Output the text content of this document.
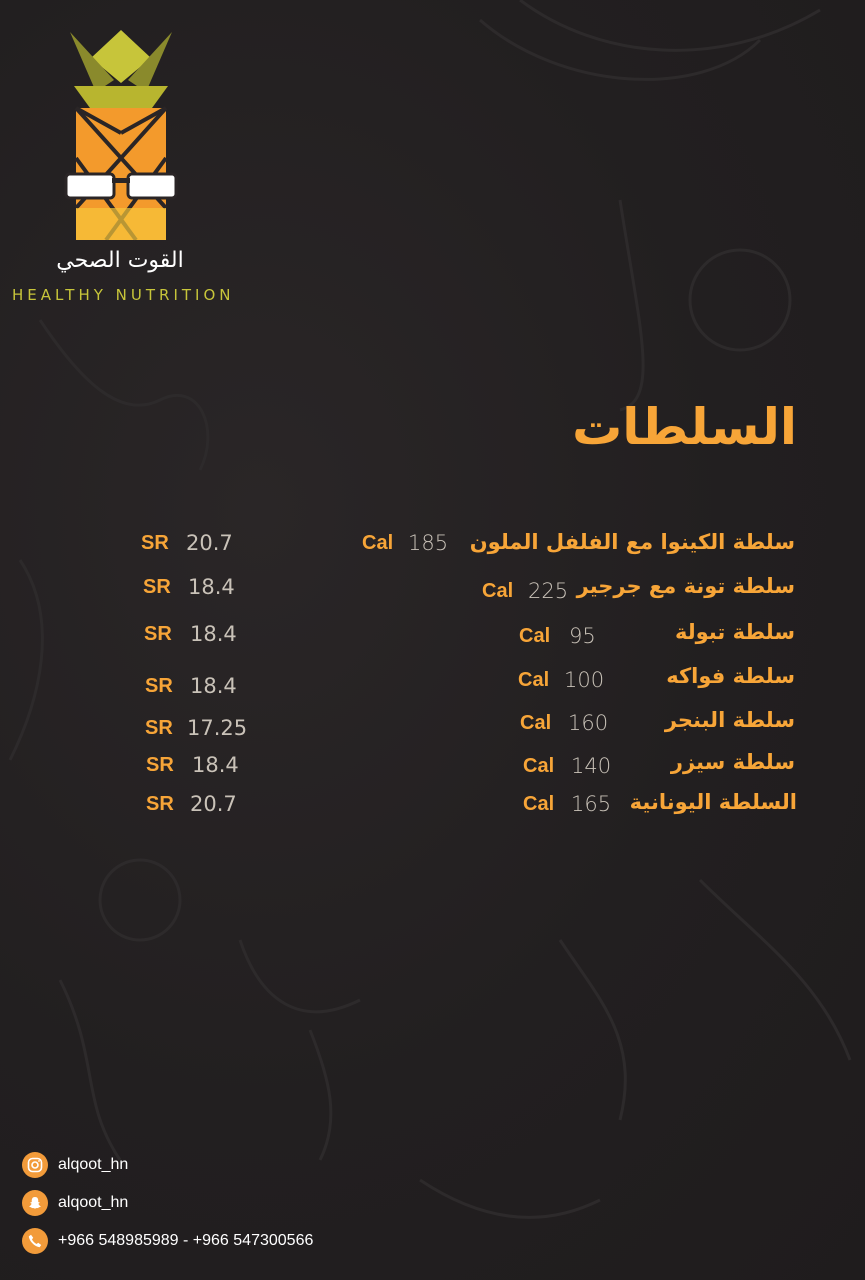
القوت الصحي
HEALTHY NUTRITION
السلطات
سلطة الكينوا مع الفلفل الملون
Cal 185
SR 20.7
سلطة تونة مع جرجير
Cal 225
SR 18.4
سلطة تبولة
Cal 95
SR 18.4
سلطة فواكه
Cal 100
SR 18.4
سلطة البنجر
Cal 160
SR 17.25
سلطة سيزر
Cal 140
SR 18.4
السلطة اليونانية
Cal 165
SR 20.7
alqoot_hn
alqoot_hn
+966 548985989 - +966 547300566
